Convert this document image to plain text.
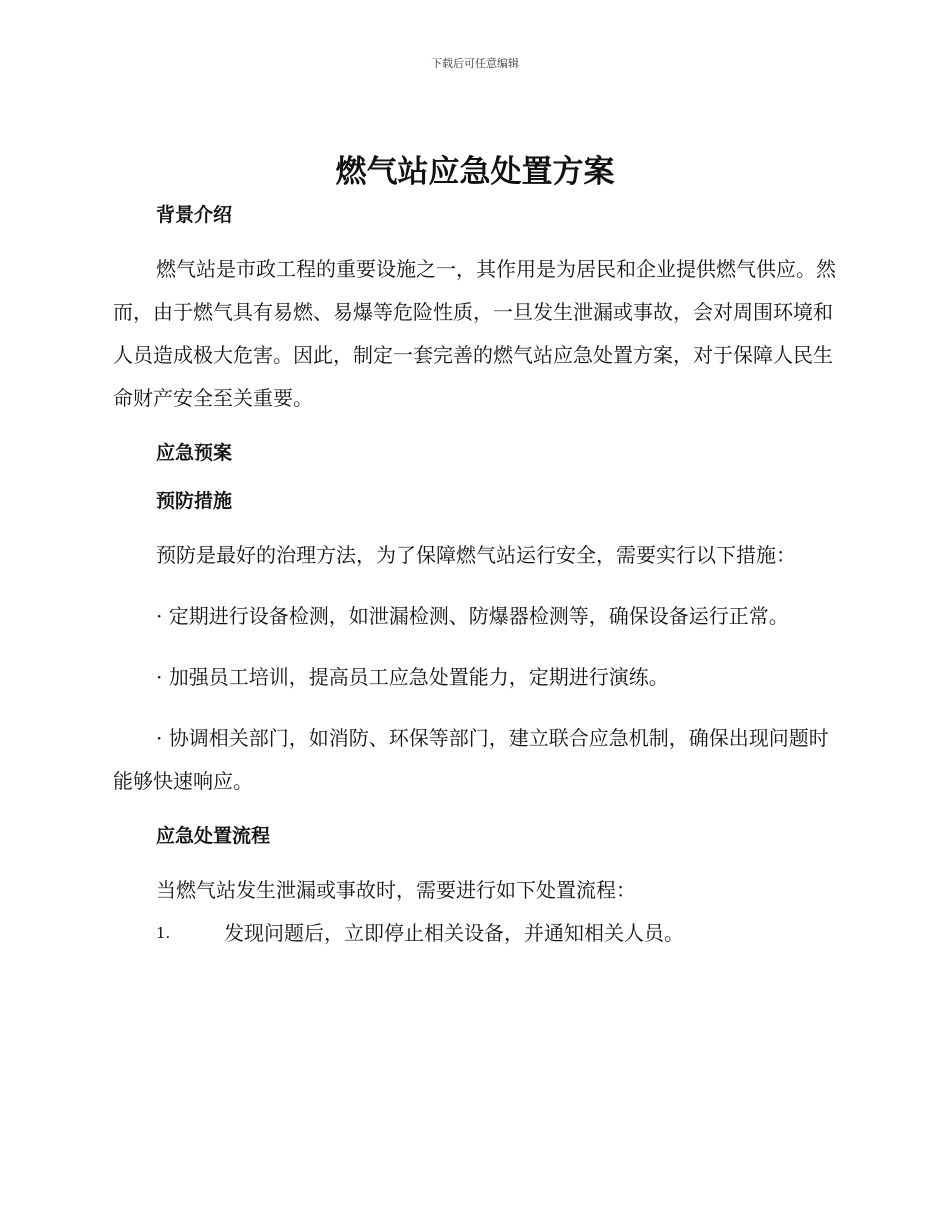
下载后可任意编辑
燃气站应急处置方案
背景介绍

燃气站是市政工程的重要设施之一，其作用是为居民和企业提供燃气供应。然而，由于燃气具有易燃、易爆等危险性质，一旦发生泄漏或事故，会对周围环境和人员造成极大危害。因此，制定一套完善的燃气站应急处置方案，对于保障人民生命财产安全至关重要。

应急预案
预防措施

预防是最好的治理方法，为了保障燃气站运行安全，需要实行以下措施：

· 定期进行设备检测，如泄漏检测、防爆器检测等，确保设备运行正常。

· 加强员工培训，提高员工应急处置能力，定期进行演练。

· 协调相关部门，如消防、环保等部门，建立联合应急机制，确保出现问题时能够快速响应。

应急处置流程

当燃气站发生泄漏或事故时，需要进行如下处置流程：

1.	发现问题后，立即停止相关设备，并通知相关人员。
